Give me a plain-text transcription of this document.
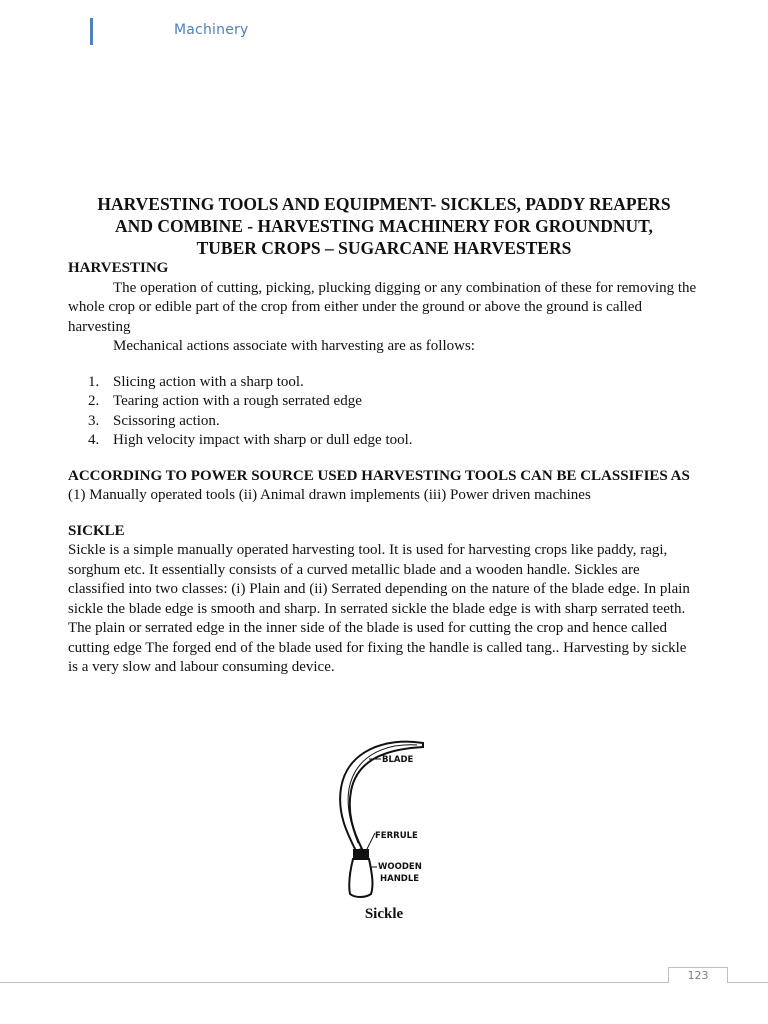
Machinery
HARVESTING TOOLS AND EQUIPMENT- SICKLES, PADDY REAPERS
AND COMBINE - HARVESTING MACHINERY FOR GROUNDNUT,
TUBER CROPS – SUGARCANE HARVESTERS

HARVESTING

The operation of cutting, picking, plucking digging or any combination of these for removing the whole crop or edible part of the crop from either under the ground or above the ground is called harvesting

Mechanical actions associate with harvesting are as follows:

1. Slicing action with a sharp tool.
2. Tearing action with a rough serrated edge
3. Scissoring action.
4. High velocity impact with sharp or dull edge tool.

ACCORDING TO POWER SOURCE USED HARVESTING TOOLS CAN BE CLASSIFIES AS

(1) Manually operated tools (ii) Animal drawn implements (iii) Power driven machines

SICKLE

Sickle is a simple manually operated harvesting tool. It is used for harvesting crops like paddy, ragi, sorghum etc. It essentially consists of a curved metallic blade and a wooden handle. Sickles are classified into two classes: (i) Plain and (ii) Serrated depending on the nature of the blade edge. In plain sickle the blade edge is smooth and sharp. In serrated sickle the blade edge is with sharp serrated teeth. The plain or serrated edge in the inner side of the blade is used for cutting the crop and hence called cutting edge The forged end of the blade used for fixing the handle is called tang.. Harvesting by sickle is a very slow and labour consuming device.

BLADE
FERRULE
WOODEN
HANDLE
Sickle
123
